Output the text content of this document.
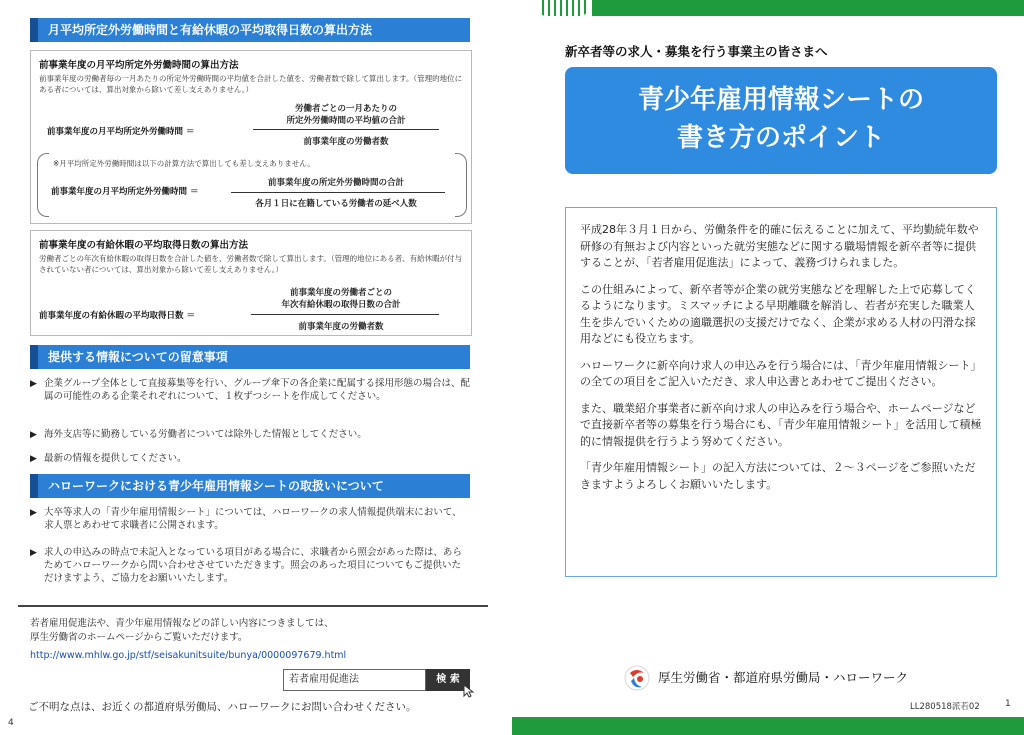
月平均所定外労働時間と有給休暇の平均取得日数の算出方法
前事業年度の月平均所定外労働時間の算出方法
前事業年度の労働者毎の一月あたりの所定外労働時間の平均値を合計した値を、労働者数で除して算出します。（管理的地位にある者については、算出対象から除いて差し支えありません。）
前事業年度の月平均所定外労働時間 ＝
労働者ごとの一月あたりの
所定外労働時間の平均値の合計
前事業年度の労働者数
※月平均所定外労働時間は以下の計算方法で算出しても差し支えありません。
前事業年度の月平均所定外労働時間 ＝
前事業年度の所定外労働時間の合計
各月１日に在籍している労働者の延べ人数
前事業年度の有給休暇の平均取得日数の算出方法
労働者ごとの年次有給休暇の取得日数を合計した値を、労働者数で除して算出します。（管理的地位にある者、有給休暇が付与されていない者については、算出対象から除いて差し支えありません。）
前事業年度の有給休暇の平均取得日数 ＝
前事業年度の労働者ごとの
年次有給休暇の取得日数の合計
前事業年度の労働者数
提供する情報についての留意事項
▶ 企業グループ全体として直接募集等を行い、グループ傘下の各企業に配属する採用形態の場合は、配属の可能性のある企業それぞれについて、１枚ずつシートを作成してください。
▶ 海外支店等に勤務している労働者については除外した情報としてください。
▶ 最新の情報を提供してください。
ハローワークにおける青少年雇用情報シートの取扱いについて
▶ 大卒等求人の「青少年雇用情報シート」については、ハローワークの求人情報提供端末において、求人票とあわせて求職者に公開されます。
▶ 求人の申込みの時点で未記入となっている項目がある場合に、求職者から照会があった際は、あらためてハローワークから問い合わせさせていただきます。照会のあった項目についてもご提供いただけますよう、ご協力をお願いいたします。
若者雇用促進法や、青少年雇用情報などの詳しい内容につきましては、
厚生労働省のホームページからご覧いただけます。
http://www.mhlw.go.jp/stf/seisakunitsuite/bunya/0000097679.html
若者雇用促進法	検 索
ご不明な点は、お近くの都道府県労働局、ハローワークにお問い合わせください。
4
新卒者等の求人・募集を行う事業主の皆さまへ
青少年雇用情報シートの
書き方のポイント

平成28年３月１日から、労働条件を的確に伝えることに加えて、平均勤続年数や研修の有無および内容といった就労実態などに関する職場情報を新卒者等に提供することが、「若者雇用促進法」によって、義務づけられました。

この仕組みによって、新卒者等が企業の就労実態などを理解した上で応募してくるようになります。ミスマッチによる早期離職を解消し、若者が充実した職業人生を歩んでいくための適職選択の支援だけでなく、企業が求める人材の円滑な採用などにも役立ちます。

ハローワークに新卒向け求人の申込みを行う場合には、「青少年雇用情報シート」の全ての項目をご記入いただき、求人申込書とあわせてご提出ください。

また、職業紹介事業者に新卒向け求人の申込みを行う場合や、ホームページなどで直接新卒者等の募集を行う場合にも、「青少年雇用情報シート」を活用して積極的に情報提供を行うよう努めてください。

「青少年雇用情報シート」の記入方法については、２～３ページをご参照いただきますようよろしくお願いいたします。

厚生労働省・都道府県労働局・ハローワーク
LL280518派若02	1
